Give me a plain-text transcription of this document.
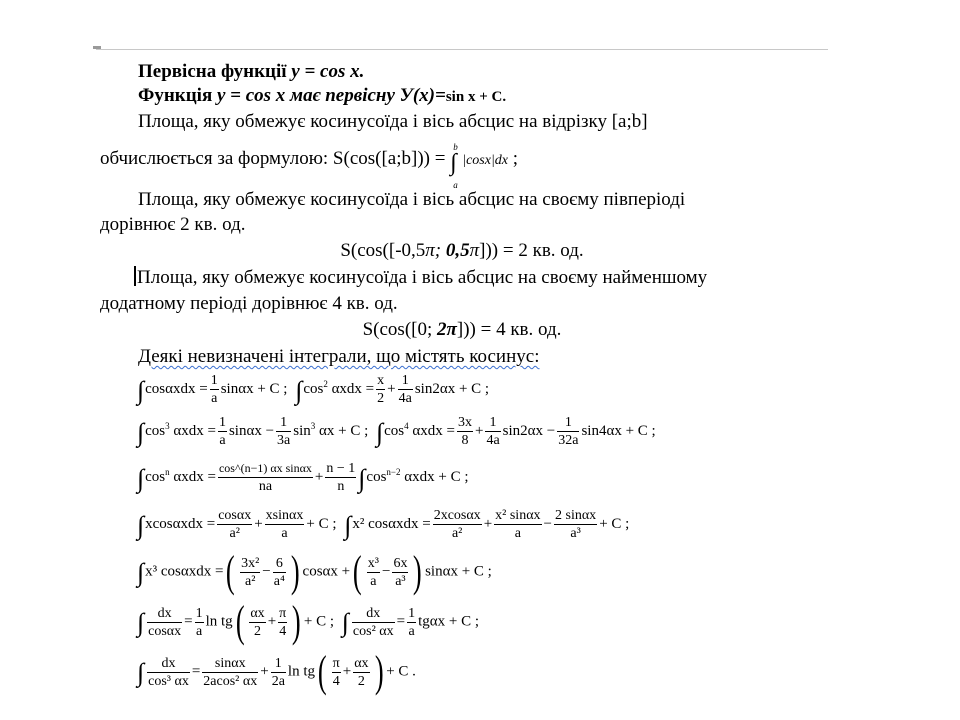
Первісна функції y = cos x.
Функція y = cos x має первісну У(х)=sin x + C.
Площа, яку обмежує косинусоїда і вісь абсцис на відрізку [a;b]
обчислюється за формулою: S(cos([a;b])) =
b
∫
a
|cosx|dx ;
Площа, яку обмежує косинусоїда і вісь абсцис на своєму півперіоді
дорівнює 2 кв. од.
S(cos([-0,5π; 0,5π])) = 2 кв. од.
Площа, яку обмежує косинусоїда і вісь абсцис на своєму найменшому
додатному періоді дорівнює 4 кв. од.
S(cos([0; 2π])) = 4 кв. од.
Деякі невизначені інтеграли, що містять косинус:
$\int\cos\alpha xdx = \frac{1}{a}$ sinαx + C ; $\int\cos^2$ $\alpha xdx = \frac{x}{2} + \frac{1}{4a} \sin 2\alpha x + C$ ;
$\int\cos^3$ $\alpha xdx = \frac{1}{a}$ $\sin\alpha x - \frac{1}{3a} \sin^3 \alpha x + C$ ; $\int\cos^4$ $\alpha xdx = \frac{3x}{8} + \frac{1}{4a} \sin 2\alpha x - \frac{1}{32a} \sin 4\alpha x + C$ ;
$\int\cos^n$ $\alpha xdx = \frac{\text{cos\textasciicircum{}(n−1) αx sinαx}}{na} + \frac{n - 1}{n} \int\cos^{n-2}$ αxdx + C ;
$\int xcos\alpha xdx = \frac{\cos\alpha x}{\text{a²}} + \frac{xsin\alpha x}{a} + C$ ; ∫x² $\cos\alpha xdx = \frac{2xcos\alpha x}{\text{a²}} + \frac{\text{x² sinαx}}{a} - \frac{2 \sin\alpha x}{\text{a³}} + C$ ;
∫x³ cosαxdx =( $\frac{\text{3x²}}{\text{a²}} - \frac{6}{\text{a⁴}}$ ) cosαx +( $\frac{\text{x³}}{a} - \frac{6x}{\text{a³}}$ ) sinαx + C ;
∫ $\frac{dx}{\cos\alpha x} = \frac{1}{a}$ $\ln tg( \frac{\alpha x}{2} + \frac{\pi}{4}$ ) + C ; ∫ $\frac{dx}{\text{cos² αx}} = \frac{1}{a}$ tgαx + C ;
∫ $\frac{dx}{\text{cos³ αx}} = \frac{\sin\alpha x}{\text{2acos² αx}} + \frac{1}{2a}$ $\ln tg( \frac{\pi}{4} + \frac{\alpha x}{2}$ ) + C .
